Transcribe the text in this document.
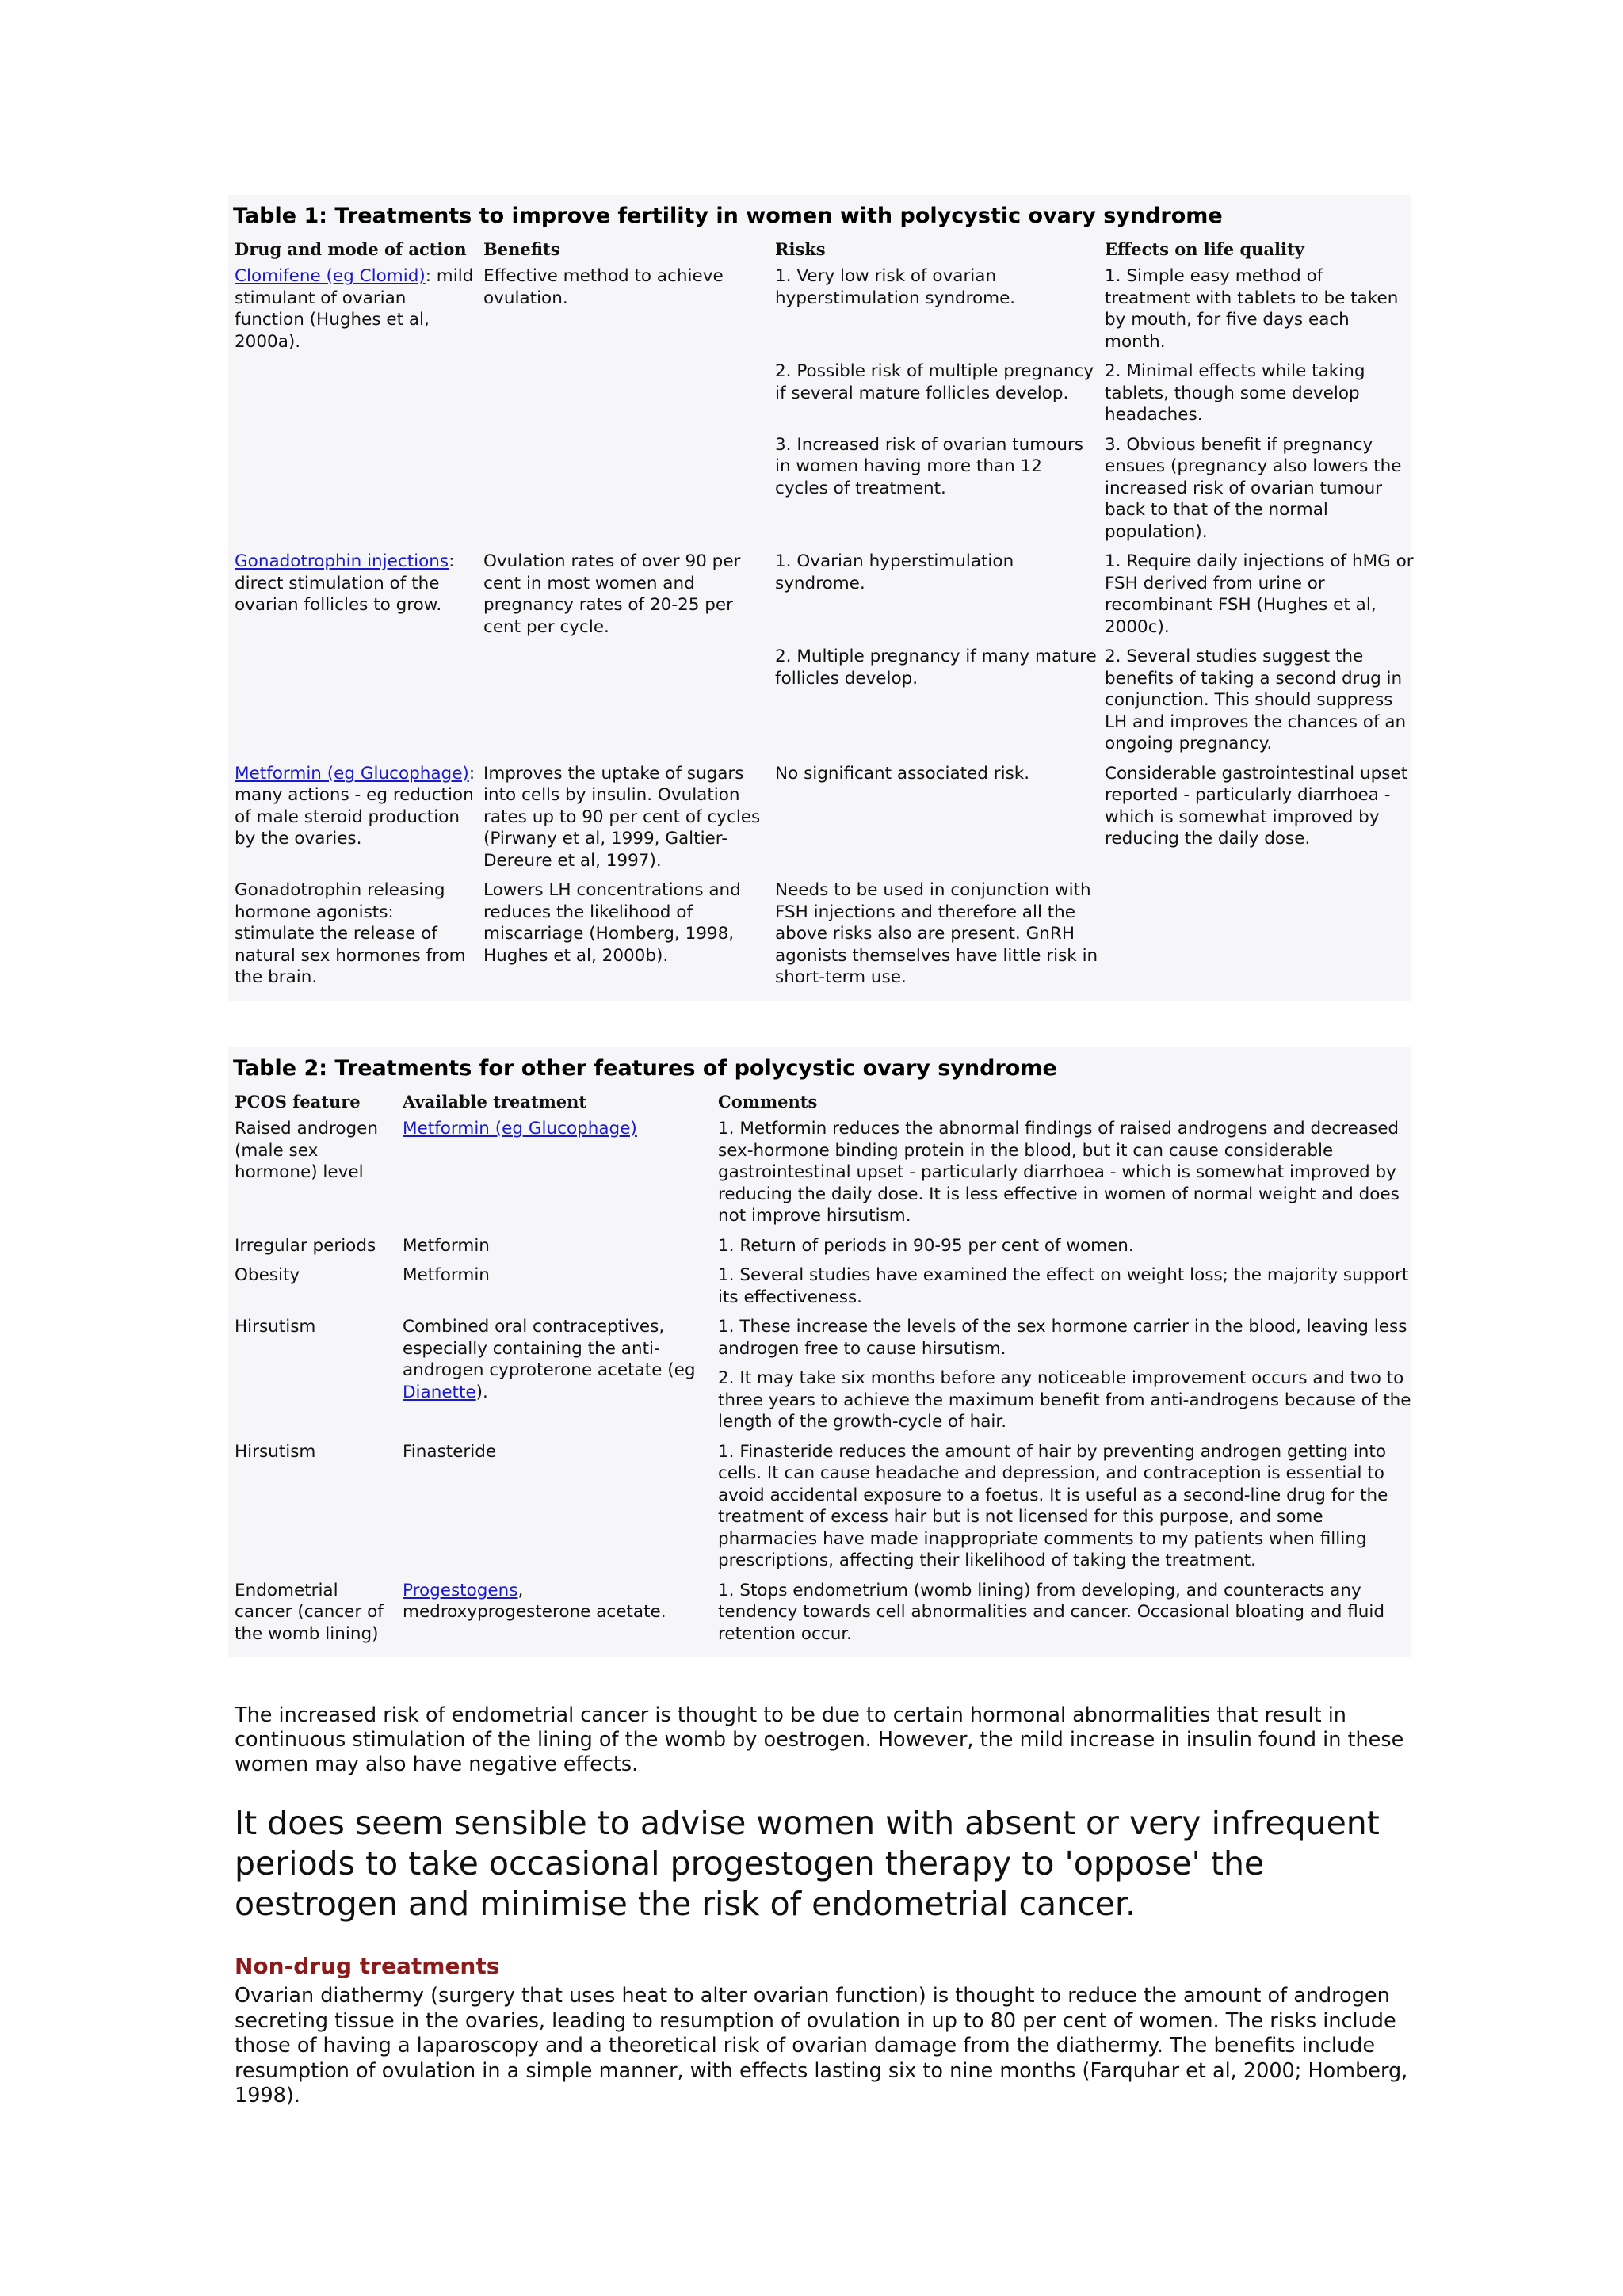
Table 1: Treatments to improve fertility in women with polycystic ovary syndrome
Drug and mode of action	Benefits	Risks	Effects on life quality
Clomifene (eg Clomid): mild stimulant of ovarian function (Hughes et al, 2000a).	Effective method to achieve ovulation.	1. Very low risk of ovarian hyperstimulation syndrome.	1. Simple easy method of treatment with tablets to be taken by mouth, for five days each month.
		2. Possible risk of multiple pregnancy if several mature follicles develop.	2. Minimal effects while taking tablets, though some develop headaches.
		3. Increased risk of ovarian tumours in women having more than 12 cycles of treatment.	3. Obvious benefit if pregnancy ensues (pregnancy also lowers the increased risk of ovarian tumour back to that of the normal population).
Gonadotrophin injections: direct stimulation of the ovarian follicles to grow.	Ovulation rates of over 90 per cent in most women and pregnancy rates of 20-25 per cent per cycle.	1. Ovarian hyperstimulation syndrome.	1. Require daily injections of hMG or FSH derived from urine or recombinant FSH (Hughes et al, 2000c).
		2. Multiple pregnancy if many mature follicles develop.	2. Several studies suggest the benefits of taking a second drug in conjunction. This should suppress LH and improves the chances of an ongoing pregnancy.
Metformin (eg Glucophage): many actions - eg reduction of male steroid production by the ovaries.	Improves the uptake of sugars into cells by insulin. Ovulation rates up to 90 per cent of cycles (Pirwany et al, 1999, Galtier-Dereure et al, 1997).	No significant associated risk.	Considerable gastrointestinal upset reported - particularly diarrhoea - which is somewhat improved by reducing the daily dose.
Gonadotrophin releasing hormone agonists: stimulate the release of natural sex hormones from the brain.	Lowers LH concentrations and reduces the likelihood of miscarriage (Homberg, 1998, Hughes et al, 2000b).	Needs to be used in conjunction with FSH injections and therefore all the above risks also are present. GnRH agonists themselves have little risk in short-term use.	
Table 2: Treatments for other features of polycystic ovary syndrome
PCOS feature	Available treatment	Comments
Raised androgen (male sex hormone) level	Metformin (eg Glucophage)	1. Metformin reduces the abnormal findings of raised androgens and decreased sex-hormone binding protein in the blood, but it can cause considerable gastrointestinal upset - particularly diarrhoea - which is somewhat improved by reducing the daily dose. It is less effective in women of normal weight and does not improve hirsutism.
Irregular periods	Metformin	1. Return of periods in 90-95 per cent of women.
Obesity	Metformin	1. Several studies have examined the effect on weight loss; the majority support its effectiveness.
Hirsutism	Combined oral contraceptives, especially containing the anti-androgen cyproterone acetate (eg Dianette).	1. These increase the levels of the sex hormone carrier in the blood, leaving less androgen free to cause hirsutism.
		2. It may take six months before any noticeable improvement occurs and two to three years to achieve the maximum benefit from anti-androgens because of the length of the growth-cycle of hair.
Hirsutism	Finasteride	1. Finasteride reduces the amount of hair by preventing androgen getting into cells. It can cause headache and depression, and contraception is essential to avoid accidental exposure to a foetus. It is useful as a second-line drug for the treatment of excess hair but is not licensed for this purpose, and some pharmacies have made inappropriate comments to my patients when filling prescriptions, affecting their likelihood of taking the treatment.
Endometrial cancer (cancer of the womb lining)	Progestogens, medroxyprogesterone acetate.	1. Stops endometrium (womb lining) from developing, and counteracts any tendency towards cell abnormalities and cancer. Occasional bloating and fluid retention occur.

The increased risk of endometrial cancer is thought to be due to certain hormonal abnormalities that result in continuous stimulation of the lining of the womb by oestrogen. However, the mild increase in insulin found in these women may also have negative effects.

It does seem sensible to advise women with absent or very infrequent periods to take occasional progestogen therapy to 'oppose' the oestrogen and minimise the risk of endometrial cancer.

Non-drug treatments

Ovarian diathermy (surgery that uses heat to alter ovarian function) is thought to reduce the amount of androgen secreting tissue in the ovaries, leading to resumption of ovulation in up to 80 per cent of women. The risks include those of having a laparoscopy and a theoretical risk of ovarian damage from the diathermy. The benefits include resumption of ovulation in a simple manner, with effects lasting six to nine months (Farquhar et al, 2000; Homberg, 1998).
